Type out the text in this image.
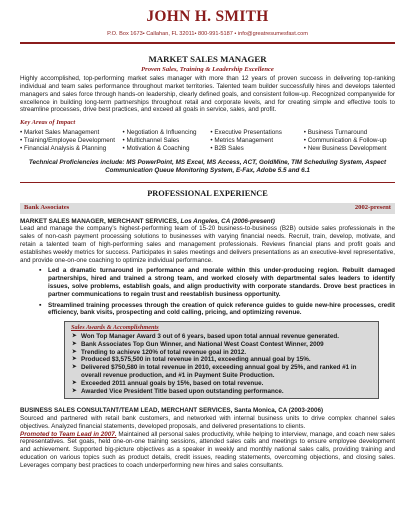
JOHN H. SMITH
P.O. Box 1673• Callahan, FL 32011• 800-991-5187 • info@greatresumesfast.com
MARKET SALES MANAGER
Proven Sales, Training & Leadership Excellence
Highly accomplished, top-performing market sales manager with more than 12 years of proven success in delivering top-ranking individual and team sales performance throughout market territories. Talented team builder successfully hires and develops talented managers and sales force through hands-on leadership, clearly defined goals, and consistent follow-up. Recognized companywide for excellence in building long-term partnerships throughout retail and corporate levels, and for creating simple and effective tools to streamline processes, drive best practices, and exceed all goals in service, sales, and profit.
Key Areas of Impact
• Market Sales Management	• Negotiation & Influencing	• Executive Presentations	• Business Turnaround
• Training/Employee Development	• Multichannel Sales	• Metrics Management	• Communication & Follow-up
• Financial Analysis & Planning	• Motivation & Coaching	• B2B Sales	• New Business Development
Technical Proficiencies include: MS PowerPoint, MS Excel, MS Access, ACT, GoldMine, TIM Scheduling System, Aspect
Communication Queue Monitoring System, E-Fax, Adobe 5.5 and 6.1
PROFESSIONAL EXPERIENCE
Bank Associates	2002-present
MARKET SALES MANAGER, MERCHANT SERVICES, Los Angeles, CA (2006-present)
Lead and manage the company’s highest-performing team of 15-20 business-to-business (B2B) outside sales professionals in the sales of non-cash payment processing solutions to businesses with varying financial needs. Recruit, train, develop, motivate, and retain a talented team of high-performing sales and management professionals. Reviews financial plans and profit goals and establishes weekly metrics for success. Participates in sales meetings and delivers presentations as an executive-level representative, and provide one-on-one coaching to optimize individual performance.
▪ Led a dramatic turnaround in performance and morale within this under-producing region. Rebuilt damaged partnerships, hired and trained a strong team, and worked closely with departmental sales leaders to identify issues, solve problems, establish goals, and align productivity with corporate standards. Drove best practices in partner communications to regain trust and reestablish business opportunity.
▪ Streamlined training processes through the creation of quick reference guides to guide new-hire processes, credit efficiency, bank visits, prospecting and cold calling, pricing, and optimizing revenue.
Sales Awards & Accomplishments
➤ Won Top Manager Award 3 out of 6 years, based upon total annual revenue generated.
➤ Bank Associates Top Gun Winner, and National West Coast Contest Winner, 2009
➤ Trending to achieve 120% of total revenue goal in 2012.
➤ Produced $3,575,500 in total revenue in 2011, exceeding annual goal by 15%.
➤ Delivered $750,580 in total revenue in 2010, exceeding annual goal by 25%, and ranked #1 in
overall revenue production, and #1 in Payment Suite Production.
➤ Exceeded 2011 annual goals by 15%, based on total revenue.
➤ Awarded Vice President Title based upon outstanding performance.
BUSINESS SALES CONSULTANT/TEAM LEAD, MERCHANT SERVICES, Santa Monica, CA (2003-2006)
Sourced and partnered with retail bank customers, and networked with internal business units to drive complex channel sales objectives. Analyzed financial statements, developed proposals, and delivered presentations to clients.
Promoted to Team Lead in 2007. Maintained all personal sales productivity, while helping to interview, manage, and coach new sales representatives. Set goals, held one-on-one training sessions, attended sales calls and meetings to ensure employee development and achievement. Supported big-picture objectives as a speaker in weekly and monthly national sales calls, providing training and education on various topics such as product details, credit issues, reading statements, overcoming objections, and closing sales. Leverages company best practices to coach underperforming new hires and sales consultants.
